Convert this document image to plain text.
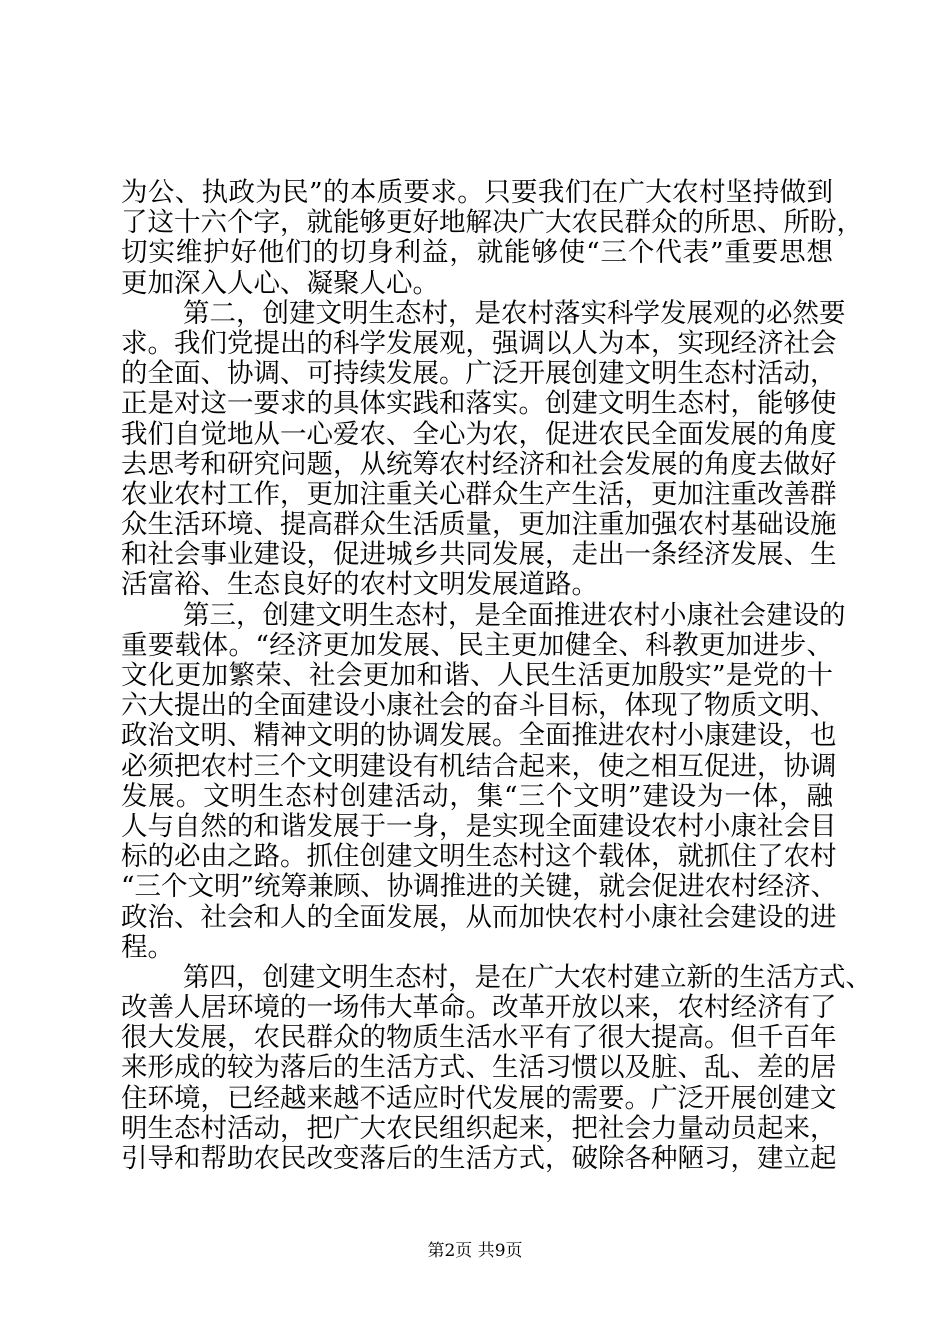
为公、执政为民”的本质要求。只要我们在广大农村坚持做到
了这十六个字，就能够更好地解决广大农民群众的所思、所盼，
切实维护好他们的切身利益，就能够使“三个代表”重要思想
更加深入人心、凝聚人心。
第二，创建文明生态村，是农村落实科学发展观的必然要
求。我们党提出的科学发展观，强调以人为本，实现经济社会
的全面、协调、可持续发展。广泛开展创建文明生态村活动，
正是对这一要求的具体实践和落实。创建文明生态村，能够使
我们自觉地从一心爱农、全心为农，促进农民全面发展的角度
去思考和研究问题，从统筹农村经济和社会发展的角度去做好
农业农村工作，更加注重关心群众生产生活，更加注重改善群
众生活环境、提高群众生活质量，更加注重加强农村基础设施
和社会事业建设，促进城乡共同发展，走出一条经济发展、生
活富裕、生态良好的农村文明发展道路。
第三，创建文明生态村，是全面推进农村小康社会建设的
重要载体。“经济更加发展、民主更加健全、科教更加进步、
文化更加繁荣、社会更加和谐、人民生活更加殷实”是党的十
六大提出的全面建设小康社会的奋斗目标，体现了物质文明、
政治文明、精神文明的协调发展。全面推进农村小康建设，也
必须把农村三个文明建设有机结合起来，使之相互促进，协调
发展。文明生态村创建活动，集“三个文明”建设为一体，融
人与自然的和谐发展于一身，是实现全面建设农村小康社会目
标的必由之路。抓住创建文明生态村这个载体，就抓住了农村
“三个文明”统筹兼顾、协调推进的关键，就会促进农村经济、
政治、社会和人的全面发展，从而加快农村小康社会建设的进
程。
第四，创建文明生态村，是在广大农村建立新的生活方式、
改善人居环境的一场伟大革命。改革开放以来，农村经济有了
很大发展，农民群众的物质生活水平有了很大提高。但千百年
来形成的较为落后的生活方式、生活习惯以及脏、乱、差的居
住环境，已经越来越不适应时代发展的需要。广泛开展创建文
明生态村活动，把广大农民组织起来，把社会力量动员起来，
引导和帮助农民改变落后的生活方式，破除各种陋习，建立起
第2页 共9页
